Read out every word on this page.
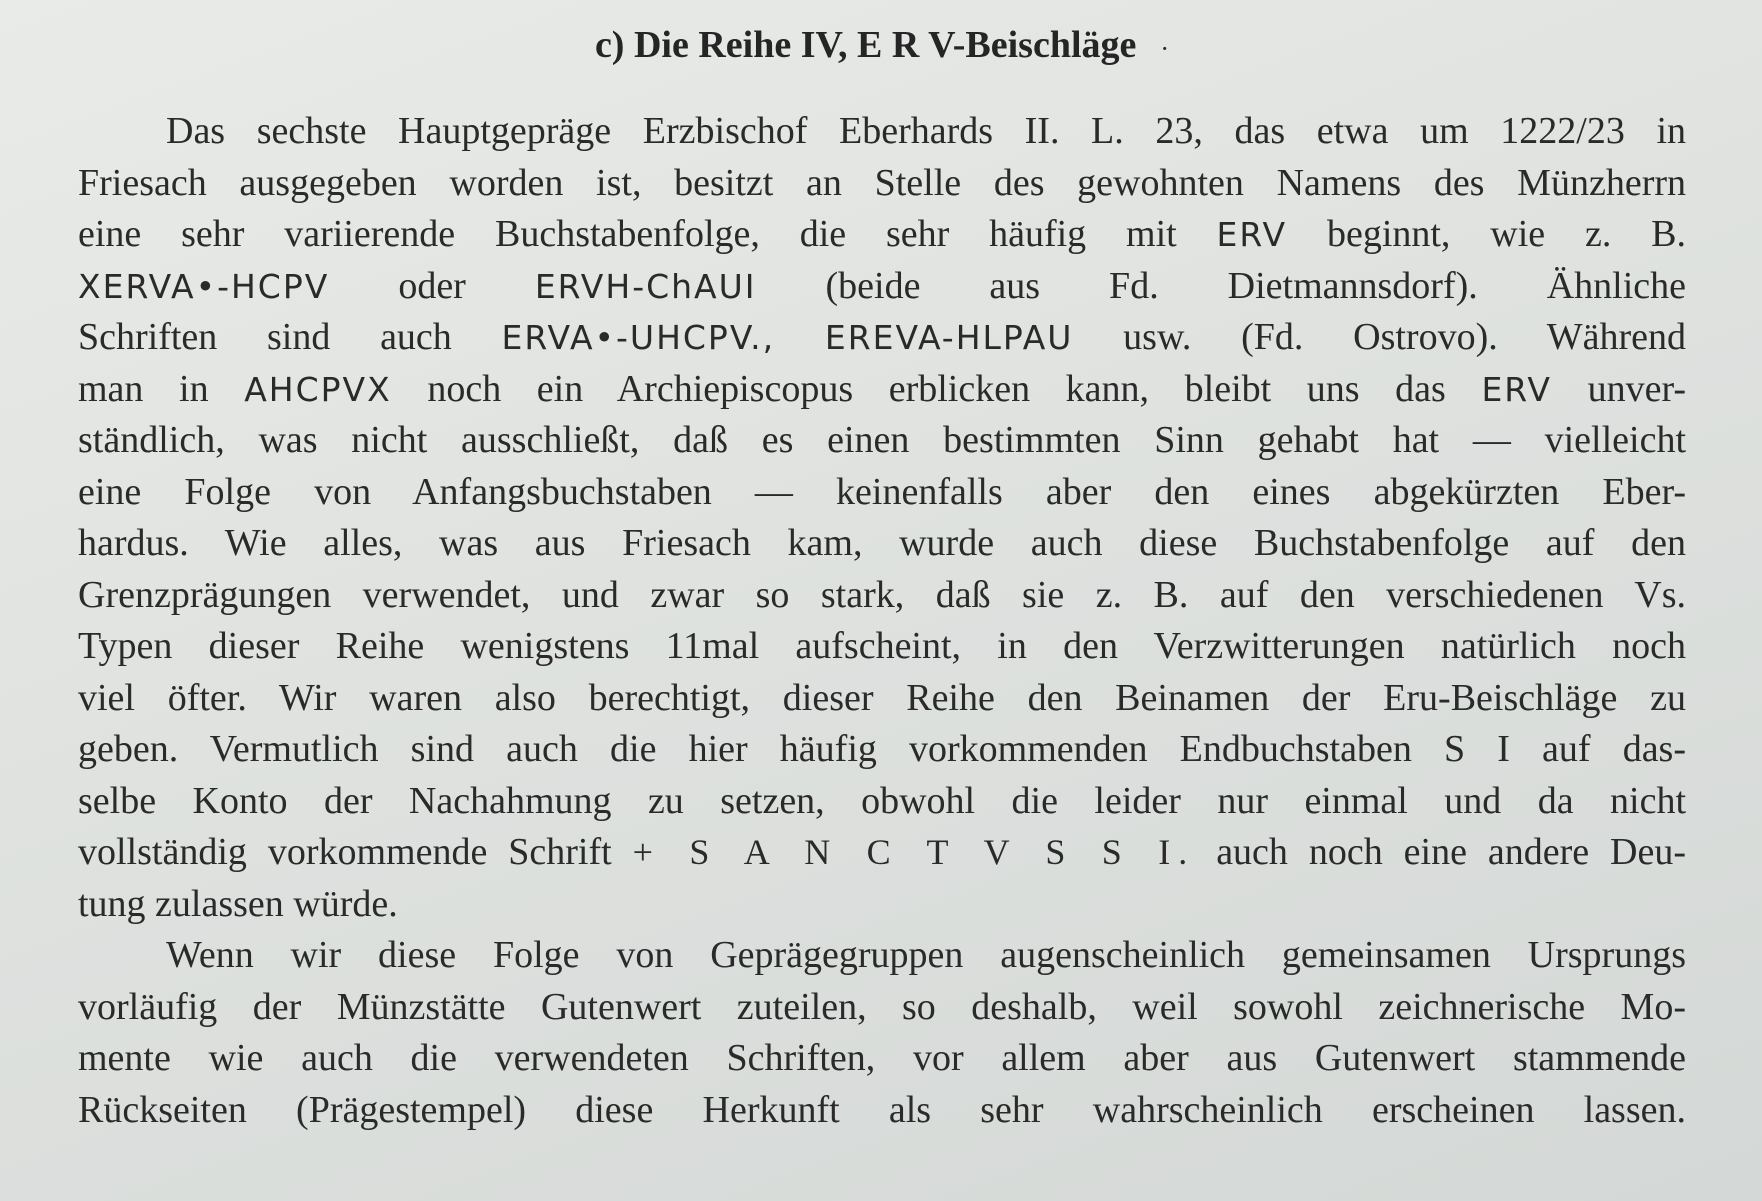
c) Die Reihe IV, E R V-Beischläge ·
Das sechste Hauptgepräge Erzbischof Eberhards II. L. 23, das etwa um 1222/23 in
Friesach ausgegeben worden ist, besitzt an Stelle des gewohnten Namens des Münzherrn
eine sehr variierende Buchstabenfolge, die sehr häufig mit ERV beginnt, wie z. B.
XERVA•-HCPV oder ERVH-ChAUI (beide aus Fd. Dietmannsdorf). Ähnliche
Schriften sind auch ERVA•-UHCPV., EREVA-HLPAU usw. (Fd. Ostrovo). Während
man in AHCPVX noch ein Archiepiscopus erblicken kann, bleibt uns das ERV unver-
ständlich, was nicht ausschließt, daß es einen bestimmten Sinn gehabt hat — vielleicht
eine Folge von Anfangsbuchstaben — keinenfalls aber den eines abgekürzten Eber-
hardus. Wie alles, was aus Friesach kam, wurde auch diese Buchstabenfolge auf den
Grenzprägungen verwendet, und zwar so stark, daß sie z. B. auf den verschiedenen Vs.
Typen dieser Reihe wenigstens 11mal aufscheint, in den Verzwitterungen natürlich noch
viel öfter. Wir waren also berechtigt, dieser Reihe den Beinamen der Eru-Beischläge zu
geben. Vermutlich sind auch die hier häufig vorkommenden Endbuchstaben S I auf das-
selbe Konto der Nachahmung zu setzen, obwohl die leider nur einmal und da nicht
vollständig vorkommende Schrift + S A N C T V S S I. auch noch eine andere Deu-
tung zulassen würde.
Wenn wir diese Folge von Geprägegruppen augenscheinlich gemeinsamen Ursprungs
vorläufig der Münzstätte Gutenwert zuteilen, so deshalb, weil sowohl zeichnerische Mo-
mente wie auch die verwendeten Schriften, vor allem aber aus Gutenwert stammende
Rückseiten (Prägestempel) diese Herkunft als sehr wahrscheinlich erscheinen lassen.
